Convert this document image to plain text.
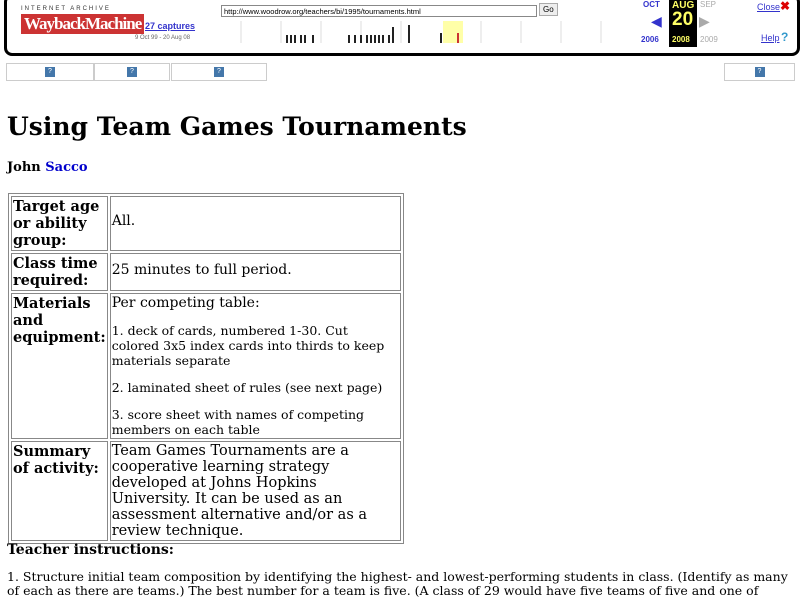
INTERNET ARCHIVE
WaybackMachine 27 captures
9 Oct 99 - 20 Aug 08
http://www.woodrow.org/teachers/bi/1995/tournaments.html
Go
OCT
◀
2006
AUG
20
2008
SEP
▶
2009
Close ✖
Help ?
?	?	?	?
Using Team Games Tournaments
John Sacco
Target age or ability group:	All.
Class time required:	25 minutes to full period.
Materials and equipment:	Per competing table:

1. deck of cards, numbered 1-30. Cut colored 3x5 index cards into thirds to keep materials separate

2. laminated sheet of rules (see next page)

3. score sheet with names of competing members on each table

Summary of activity:	Team Games Tournaments are a cooperative learning strategy developed at Johns Hopkins University. It can be used as an assessment alternative and/or as a review technique.
Teacher instructions:
1. Structure initial team composition by identifying the highest- and lowest-performing students in class. (Identify as many of each as there are teams.) The best number for a team is five. (A class of 29 would have five teams of five and one of
